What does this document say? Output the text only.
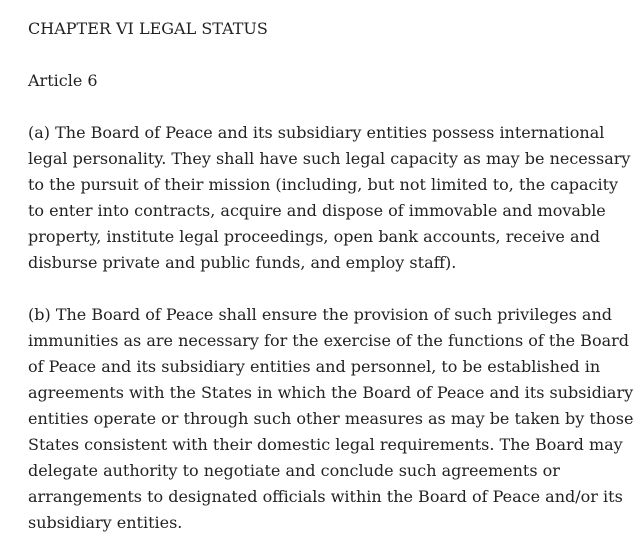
CHAPTER VI LEGAL STATUS
Article 6

(a) The Board of Peace and its subsidiary entities possess international
legal personality. They shall have such legal capacity as may be necessary
to the pursuit of their mission (including, but not limited to, the capacity
to enter into contracts, acquire and dispose of immovable and movable
property, institute legal proceedings, open bank accounts, receive and
disburse private and public funds, and employ staff).

(b) The Board of Peace shall ensure the provision of such privileges and
immunities as are necessary for the exercise of the functions of the Board
of Peace and its subsidiary entities and personnel, to be established in
agreements with the States in which the Board of Peace and its subsidiary
entities operate or through such other measures as may be taken by those
States consistent with their domestic legal requirements. The Board may
delegate authority to negotiate and conclude such agreements or
arrangements to designated officials within the Board of Peace and/or its
subsidiary entities.
